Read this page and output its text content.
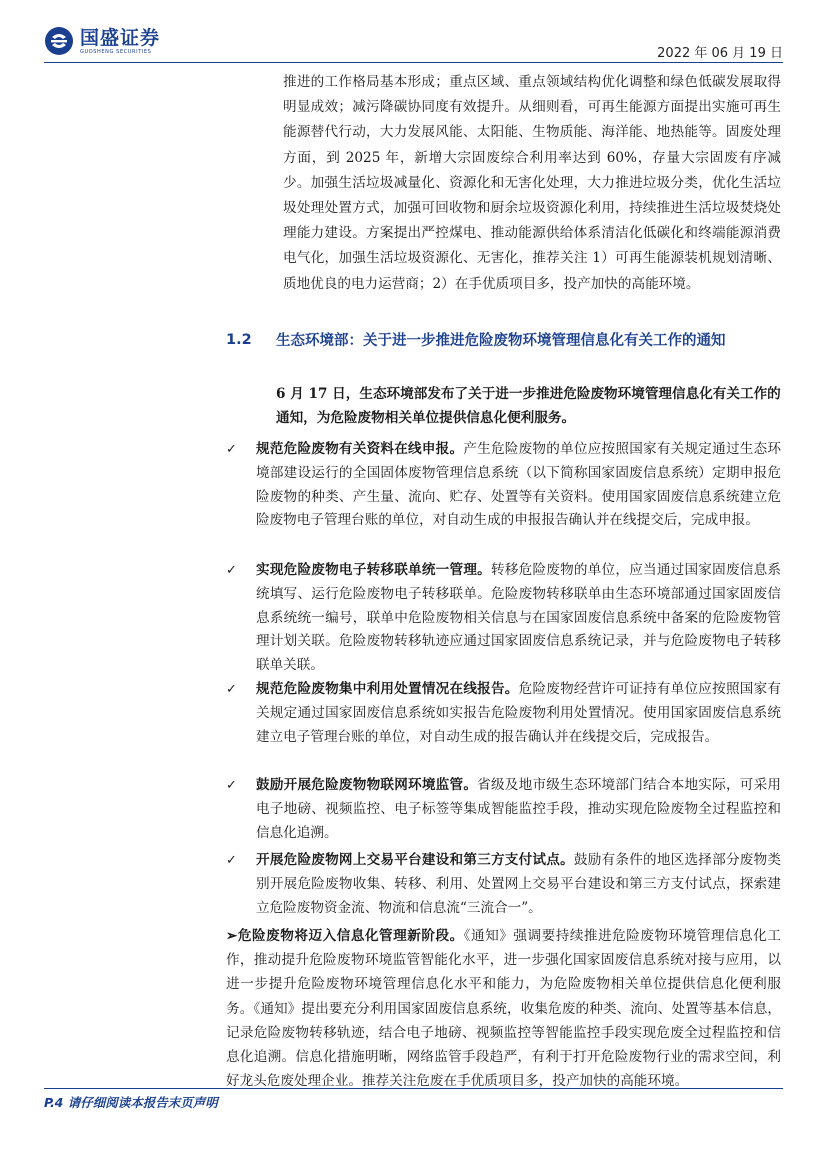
国盛证券
GUOSHENG SECURITIES	2022 年 06 月 19 日
推进的工作格局基本形成；重点区域、重点领域结构优化调整和绿色低碳发展取得明显成效；减污降碳协同度有效提升。从细则看，可再生能源方面提出实施可再生能源替代行动，大力发展风能、太阳能、生物质能、海洋能、地热能等。固废处理方面，到 2025 年，新增大宗固废综合利用率达到 60%，存量大宗固废有序减少。加强生活垃圾减量化、资源化和无害化处理，大力推进垃圾分类，优化生活垃圾处理处置方式，加强可回收物和厨余垃圾资源化利用，持续推进生活垃圾焚烧处理能力建设。方案提出严控煤电、推动能源供给体系清洁化低碳化和终端能源消费电气化，加强生活垃圾资源化、无害化，推荐关注 1）可再生能源装机规划清晰、质地优良的电力运营商；2）在手优质项目多，投产加快的高能环境。
1.2 生态环境部：关于进一步推进危险废物环境管理信息化有关工作的通知
6 月 17 日，生态环境部发布了关于进一步推进危险废物环境管理信息化有关工作的通知，为危险废物相关单位提供信息化便利服务。
✓ 规范危险废物有关资料在线申报。产生危险废物的单位应按照国家有关规定通过生态环境部建设运行的全国固体废物管理信息系统（以下简称国家固废信息系统）定期申报危险废物的种类、产生量、流向、贮存、处置等有关资料。使用国家固废信息系统建立危险废物电子管理台账的单位，对自动生成的申报报告确认并在线提交后，完成申报。
✓ 实现危险废物电子转移联单统一管理。转移危险废物的单位，应当通过国家固废信息系统填写、运行危险废物电子转移联单。危险废物转移联单由生态环境部通过国家固废信息系统统一编号，联单中危险废物相关信息与在国家固废信息系统中备案的危险废物管理计划关联。危险废物转移轨迹应通过国家固废信息系统记录，并与危险废物电子转移联单关联。
✓ 规范危险废物集中利用处置情况在线报告。危险废物经营许可证持有单位应按照国家有关规定通过国家固废信息系统如实报告危险废物利用处置情况。使用国家固废信息系统建立电子管理台账的单位，对自动生成的报告确认并在线提交后，完成报告。
✓ 鼓励开展危险废物物联网环境监管。省级及地市级生态环境部门结合本地实际，可采用电子地磅、视频监控、电子标签等集成智能监控手段，推动实现危险废物全过程监控和信息化追溯。
✓ 开展危险废物网上交易平台建设和第三方支付试点。鼓励有条件的地区选择部分废物类别开展危险废物收集、转移、利用、处置网上交易平台建设和第三方支付试点，探索建立危险废物资金流、物流和信息流“三流合一”。
➢危险废物将迈入信息化管理新阶段。《通知》强调要持续推进危险废物环境管理信息化工作，推动提升危险废物环境监管智能化水平，进一步强化国家固废信息系统对接与应用，以进一步提升危险废物环境管理信息化水平和能力，为危险废物相关单位提供信息化便利服务。《通知》提出要充分利用国家固废信息系统，收集危废的种类、流向、处置等基本信息，记录危险废物转移轨迹，结合电子地磅、视频监控等智能监控手段实现危废全过程监控和信息化追溯。信息化措施明晰，网络监管手段趋严，有利于打开危险废物行业的需求空间，利好龙头危废处理企业。推荐关注危废在手优质项目多，投产加快的高能环境。
P.4 请仔细阅读本报告末页声明
